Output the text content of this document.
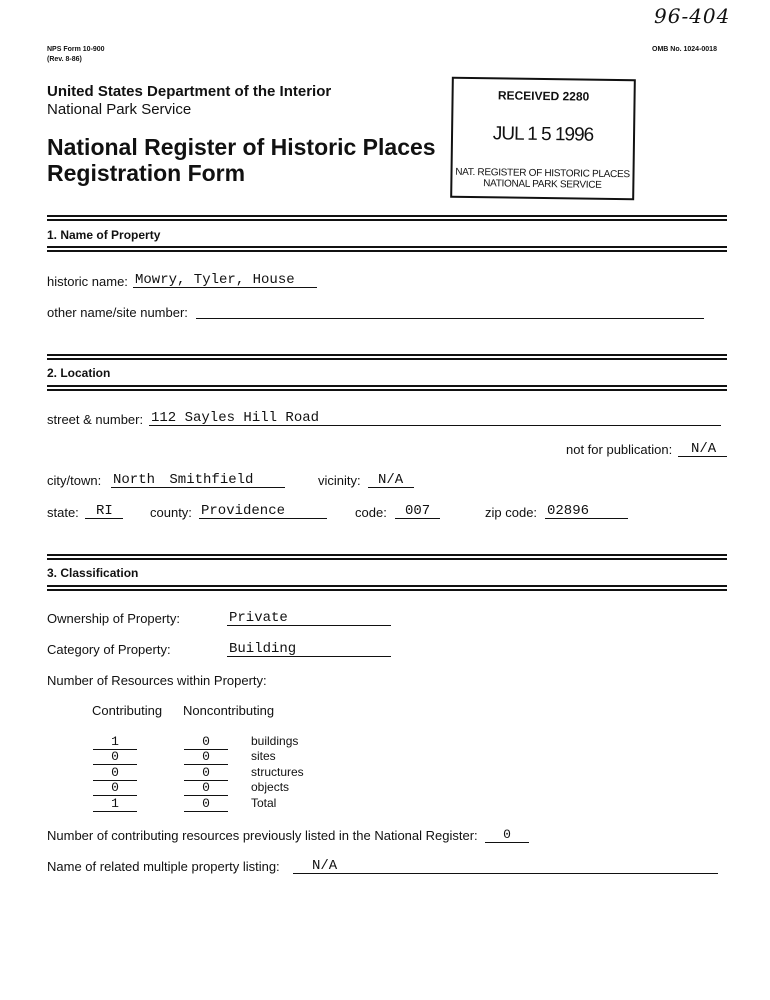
96-404
NPS Form 10-900
(Rev. 8-86)
OMB No. 1024-0018
United States Department of the Interior
National Park Service
National Register of Historic Places
Registration Form
RECEIVED 2280
JUL 1 5 1996
NAT. REGISTER OF HISTORIC PLACES
NATIONAL PARK SERVICE
1. Name of Property
historic name: Mowry, Tyler, House
other name/site number:
2. Location
street & number: 112 Sayles Hill Road
not for publication: N/A
city/town: North Smithfield	vicinity: N/A
state: RI	county: Providence	code: 007	zip code: 02896
3. Classification
Ownership of Property:	Private
Category of Property:	Building
Number of Resources within Property:
Contributing Noncontributing
1	0	buildings
0	0	sites
0	0	structures
0	0	objects
1	0	Total
Number of contributing resources previously listed in the National Register:	0
Name of related multiple property listing: N/A
